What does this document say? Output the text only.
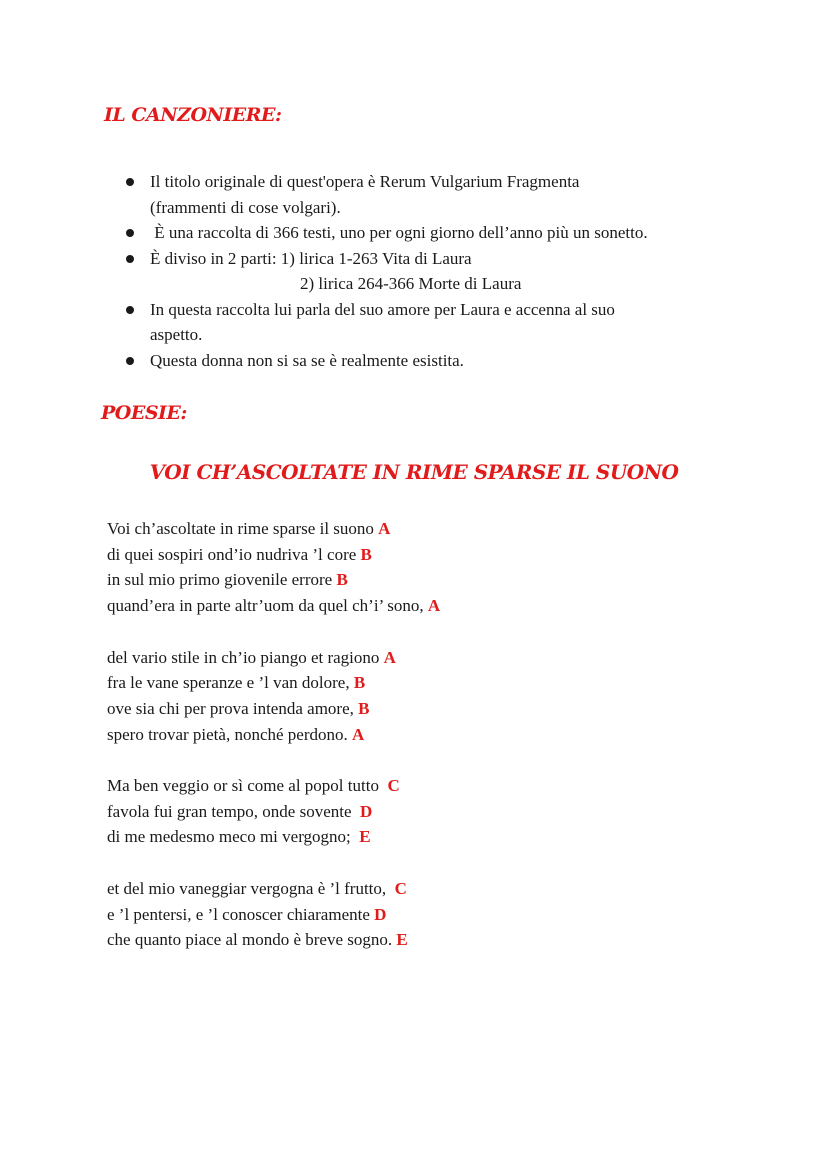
IL CANZONIERE:
Il titolo originale di quest'opera è Rerum Vulgarium Fragmenta
(frammenti di cose volgari).
È una raccolta di 366 testi, uno per ogni giorno dell’anno più un sonetto.
È diviso in 2 parti: 1) lirica 1-263 Vita di Laura
2) lirica 264-366 Morte di Laura
In questa raccolta lui parla del suo amore per Laura e accenna al suo
aspetto.
Questa donna non si sa se è realmente esistita.
POESIE:
VOI CH’ASCOLTATE IN RIME SPARSE IL SUONO
Voi ch’ascoltate in rime sparse il suono A
di quei sospiri ond’io nudriva ’l core B
in sul mio primo giovenile errore B
quand’era in parte altr’uom da quel ch’i’ sono, A
del vario stile in ch’io piango et ragiono A
fra le vane speranze e ’l van dolore, B
ove sia chi per prova intenda amore, B
spero trovar pietà, nonché perdono. A
Ma ben veggio or sì come al popol tutto  C
favola fui gran tempo, onde sovente  D
di me medesmo meco mi vergogno;  E
et del mio vaneggiar vergogna è ’l frutto,  C
e ’l pentersi, e ’l conoscer chiaramente D
che quanto piace al mondo è breve sogno. E
